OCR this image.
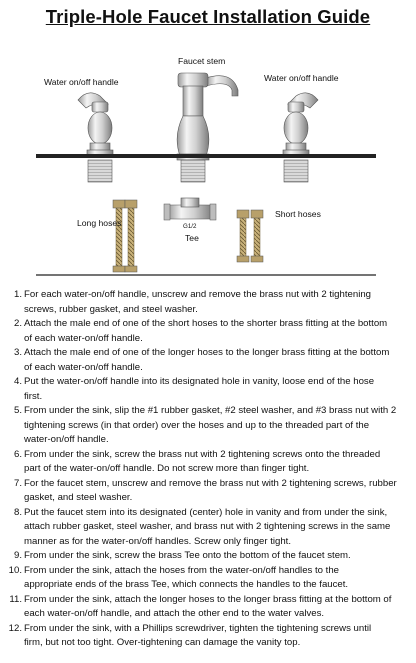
Triple-Hole Faucet Installation Guide
Water on/off handle
Faucet stem
Water on/off handle
Long hoses	G1/2
Tee
Short hoses
1. For each water-on/off handle, unscrew and remove the brass nut with 2 tightening
screws, rubber gasket, and steel washer.
2. Attach the male end of one of the short hoses to the shorter brass fitting at the bottom
of each water-on/off handle.
3. Attach the male end of one of the longer hoses to the longer brass fitting at the bottom
of each water-on/off handle.
4. Put the water-on/off handle into its designated hole in vanity, loose end of the hose
first.
5. From under the sink, slip the #1 rubber gasket, #2 steel washer, and #3 brass nut with 2
tightening screws (in that order) over the hoses and up to the threaded part of the
water-on/off handle.
6. From under the sink, screw the brass nut with 2 tightening screws onto the threaded
part of the water-on/off handle. Do not screw more than finger tight.
7. For the faucet stem, unscrew and remove the brass nut with 2 tightening screws, rubber
gasket, and steel washer.
8. Put the faucet stem into its designated (center) hole in vanity and from under the sink,
attach rubber gasket, steel washer, and brass nut with 2 tightening screws in the same
manner as for the water-on/off handles. Screw only finger tight.
9. From under the sink, screw the brass Tee onto the bottom of the faucet stem.
10. From under the sink, attach the hoses from the water-on/off handles to the
appropriate ends of the brass Tee, which connects the handles to the faucet.
11. From under the sink, attach the longer hoses to the longer brass fitting at the bottom of
each water-on/off handle, and attach the other end to the water valves.
12. From under the sink, with a Phillips screwdriver, tighten the tightening screws until
firm, but not too tight. Over-tightening can damage the vanity top.
